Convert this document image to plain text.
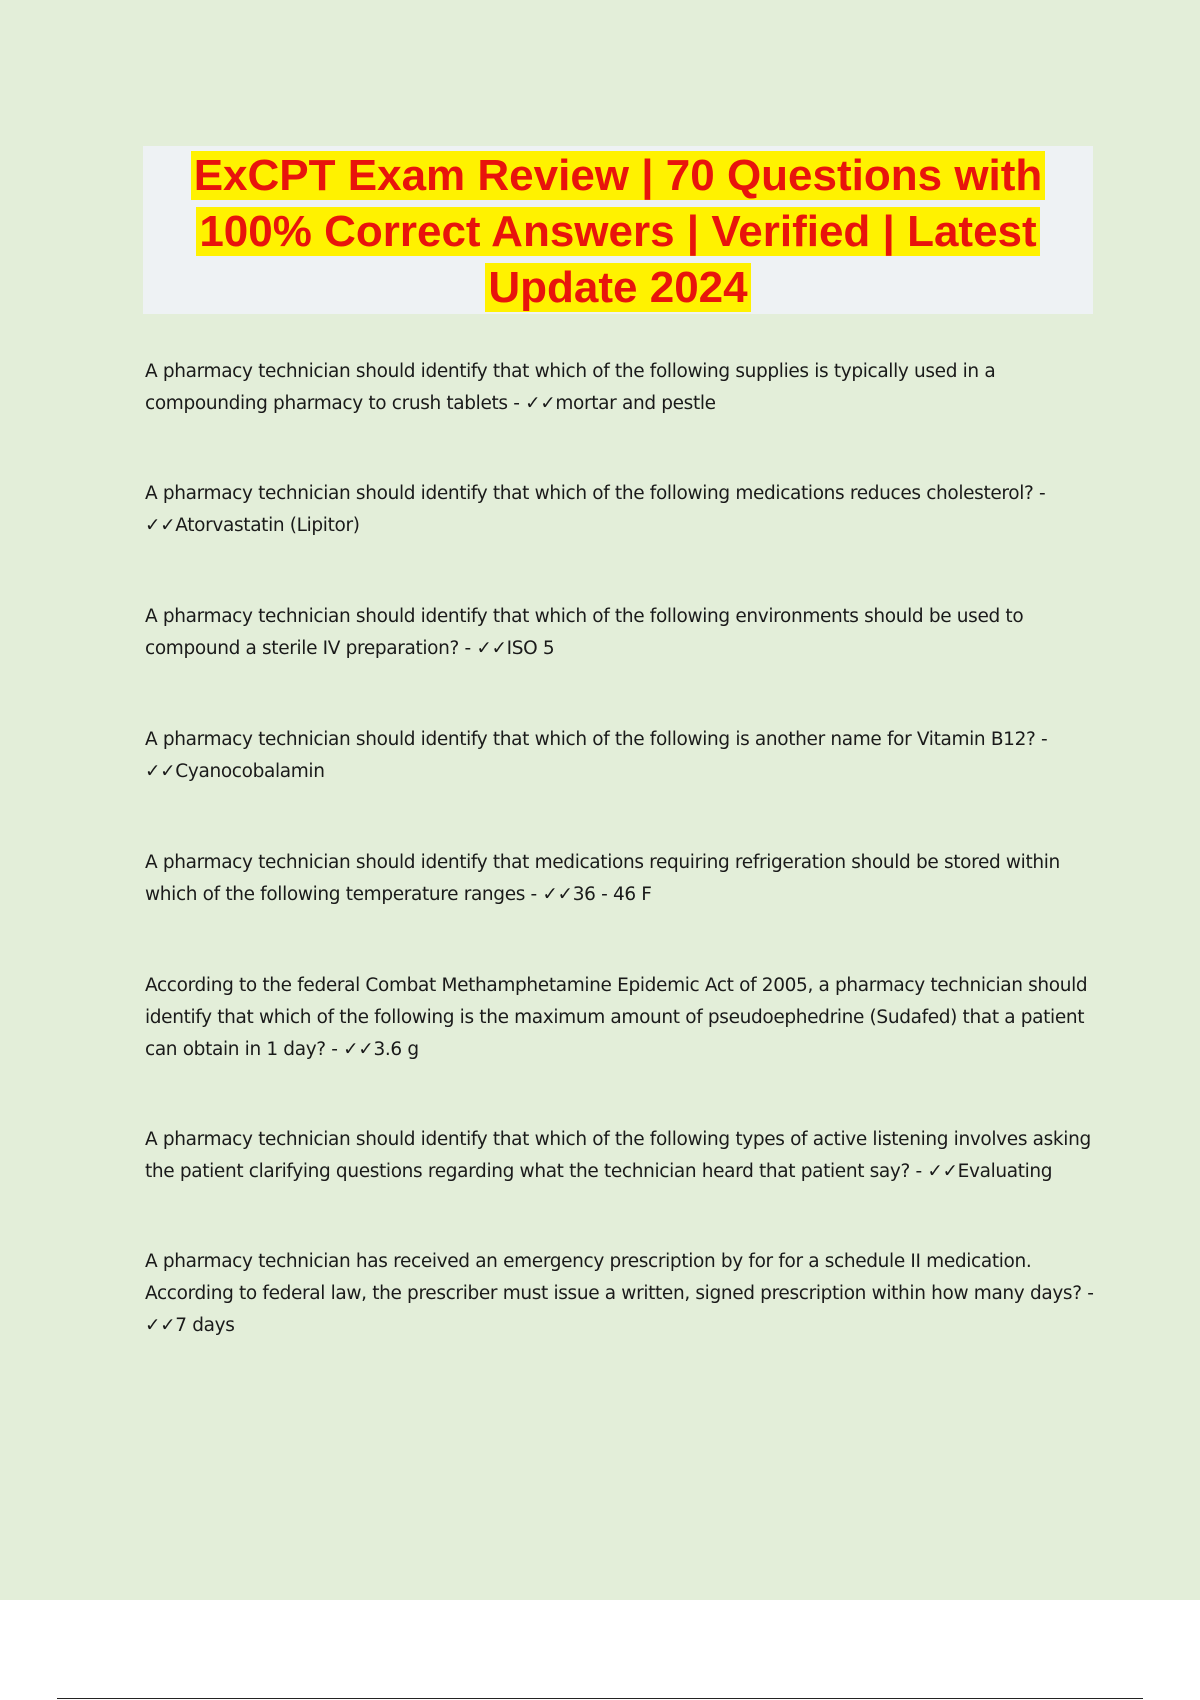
ExCPT Exam Review | 70 Questions with
100% Correct Answers | Verified | Latest
Update 2024

A pharmacy technician should identify that which of the following supplies is typically used in a compounding pharmacy to crush tablets - ✓✓mortar and pestle
A pharmacy technician should identify that which of the following medications reduces cholesterol? - ✓✓Atorvastatin (Lipitor)
A pharmacy technician should identify that which of the following environments should be used to compound a sterile IV preparation? - ✓✓ISO 5
A pharmacy technician should identify that which of the following is another name for Vitamin B12? - ✓✓Cyanocobalamin
A pharmacy technician should identify that medications requiring refrigeration should be stored within which of the following temperature ranges - ✓✓36 - 46 F
According to the federal Combat Methamphetamine Epidemic Act of 2005, a pharmacy technician should identify that which of the following is the maximum amount of pseudoephedrine (Sudafed) that a patient can obtain in 1 day? - ✓✓3.6 g
A pharmacy technician should identify that which of the following types of active listening involves asking the patient clarifying questions regarding what the technician heard that patient say? - ✓✓Evaluating
A pharmacy technician has received an emergency prescription by for for a schedule II medication. According to federal law, the prescriber must issue a written, signed prescription within how many days? - ✓✓7 days
